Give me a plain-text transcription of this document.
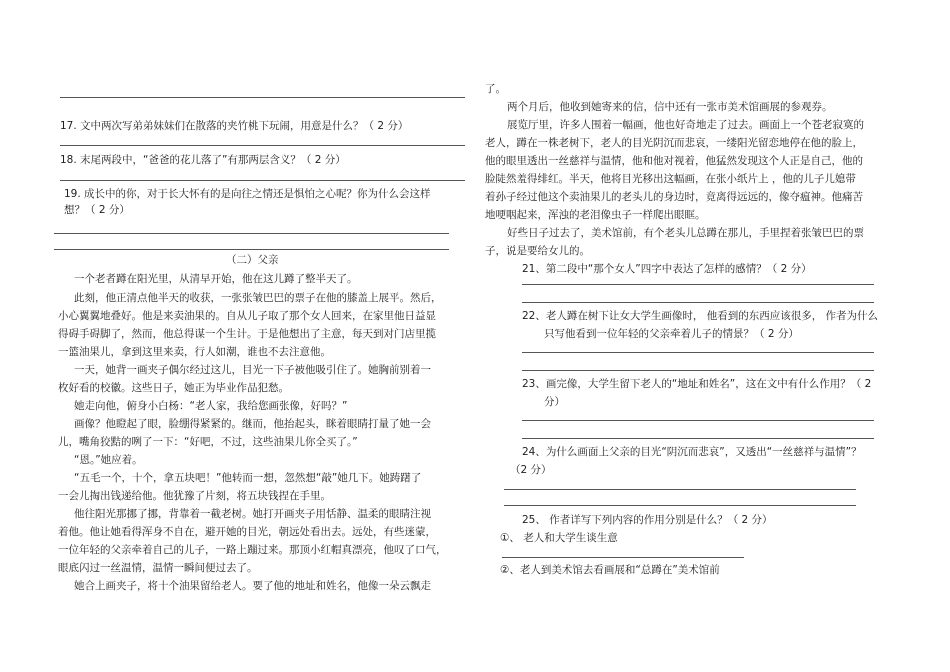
17. 文中两次写弟弟妹妹们在散落的夹竹桃下玩闹，用意是什么？（ 2 分）
18. 末尾两段中，“爸爸的花儿落了”有那两层含义？（ 2 分）
19. 成长中的你，对于长大怀有的是向往之情还是惧怕之心呢？你为什么会这样
想？（ 2 分）
（二）父亲
一个老者蹲在阳光里，从清早开始，他在这儿蹲了整半天了。
此刻，他正清点他半天的收获，一张张皱巴巴的票子在他的膝盖上展平。然后，
小心翼翼地叠好。他是来卖油果的。自从儿子取了那个女人回来，在家里他日益显
得碍手碍脚了，然而，他总得谋一个生计。于是他想出了主意，每天到对门店里揽
一篮油果儿，拿到这里来卖，行人如潮，谁也不去注意他。
一天，她背一画夹子偶尔经过这儿，目光一下子被他吸引住了。她胸前别着一
枚好看的校徽。这些日子，她正为毕业作品犯愁。
她走向他，俯身小白杨：“老人家，我给您画张像，好吗？”
画像？他瞪起了眼，脸绷得紧紧的。继而，他抬起头，眯着眼睛打量了她一会
儿，嘴角狡黠的咧了一下：“好吧，不过，这些油果儿你全买了。”
“恩。”她应着。
“五毛一个，十个，拿五块吧！”他转而一想，忽然想“敲”她几下。她踌躇了
一会儿掏出钱递给他。他犹豫了片刻，将五块钱捏在手里。
他往阳光那挪了挪，背靠着一截老树。她打开画夹子用恬静、温柔的眼睛注视
着他。他让她看得浑身不自在，避开她的目光，朝远处看出去。远处，有些迷蒙，
一位年轻的父亲牵着自己的儿子，一路上蹦过来。那顶小红帽真漂亮，他叹了口气，
眼底闪过一丝温情，温情一瞬间便过去了。
她合上画夹子，将十个油果留给老人。要了他的地址和姓名，他像一朵云飘走
了。
两个月后，他收到她寄来的信，信中还有一张市美术馆画展的参观券。
展览厅里，许多人围着一幅画，他也好奇地走了过去。画面上一个苍老寂寞的
老人，蹲在一株老树下，老人的目光阴沉而悲哀，一缕阳光留恋地停在他的脸上，
他的眼里透出一丝慈祥与温情，他和他对视着，他猛然发现这个人正是自己，他的
脸陡然羞得绯红。半天，他将目光移出这幅画，在张小纸片上 ，他的儿子儿媳带
着孙子经过他这个卖油果儿的老头儿的身边时，竟离得远远的，像夺瘟神。他痛苦
地哽咽起来，浑浊的老泪像虫子一样爬出眼眶。
好些日子过去了，美术馆前，有个老头儿总蹲在那儿，手里捏着张皱巴巴的票
子，说是要给女儿的。
21、第二段中“那个女人”四字中表达了怎样的感情？（ 2 分）
22、老人蹲在树下让女大学生画像时， 他看到的东西应该很多， 作者为什么
只写他看到一位年轻的父亲牵着儿子的情景？（ 2 分）
23、画完像，大学生留下老人的“地址和姓名”，这在文中有什么作用？（ 2
分）
24、为什么画面上父亲的目光“阴沉而悲哀”，又透出“一丝慈祥与温情”？
（2 分）
25、 作者详写下列内容的作用分别是什么？（ 2 分）
①、 老人和大学生谈生意
②、老人到美术馆去看画展和“总蹲在”美术馆前
